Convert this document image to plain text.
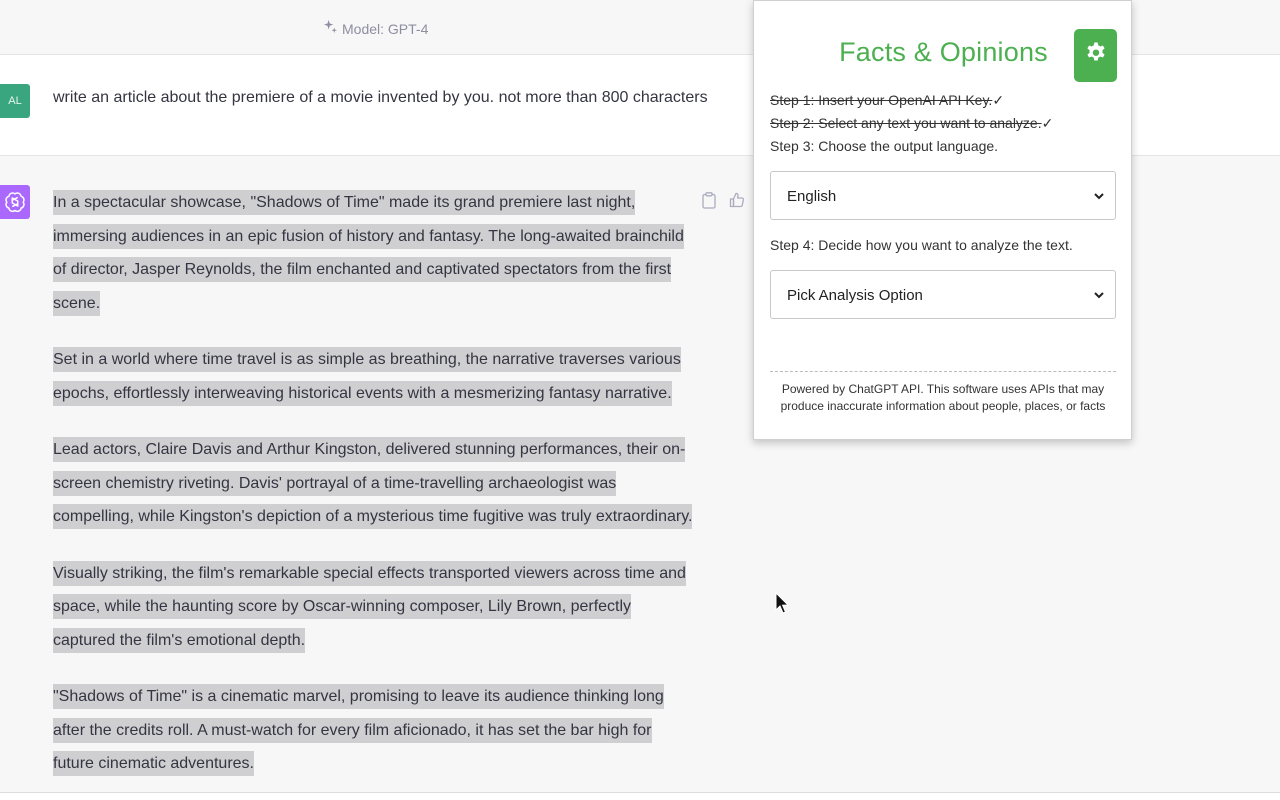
Model: GPT-4
AL	write an article about the premiere of a movie invented by you. not more than 800 characters

In a spectacular showcase, "Shadows of Time" made its grand premiere last night, immersing audiences in an epic fusion of history and fantasy. The long-awaited brainchild of director, Jasper Reynolds, the film enchanted and captivated spectators from the first scene.

Set in a world where time travel is as simple as breathing, the narrative traverses various epochs, effortlessly interweaving historical events with a mesmerizing fantasy narrative.

Lead actors, Claire Davis and Arthur Kingston, delivered stunning performances, their on-screen chemistry riveting. Davis' portrayal of a time-travelling archaeologist was compelling, while Kingston's depiction of a mysterious time fugitive was truly extraordinary.

Visually striking, the film's remarkable special effects transported viewers across time and space, while the haunting score by Oscar-winning composer, Lily Brown, perfectly captured the film's emotional depth.

"Shadows of Time" is a cinematic marvel, promising to leave its audience thinking long after the credits roll. A must-watch for every film aficionado, it has set the bar high for future cinematic adventures.

Facts & Opinions
Step 1: Insert your OpenAI API Key.✓
Step 2: Select any text you want to analyze.✓
Step 3: Choose the output language.
English
Step 4: Decide how you want to analyze the text.
Pick Analysis Option
Powered by ChatGPT API. This software uses APIs that may produce inaccurate information about people, places, or facts
